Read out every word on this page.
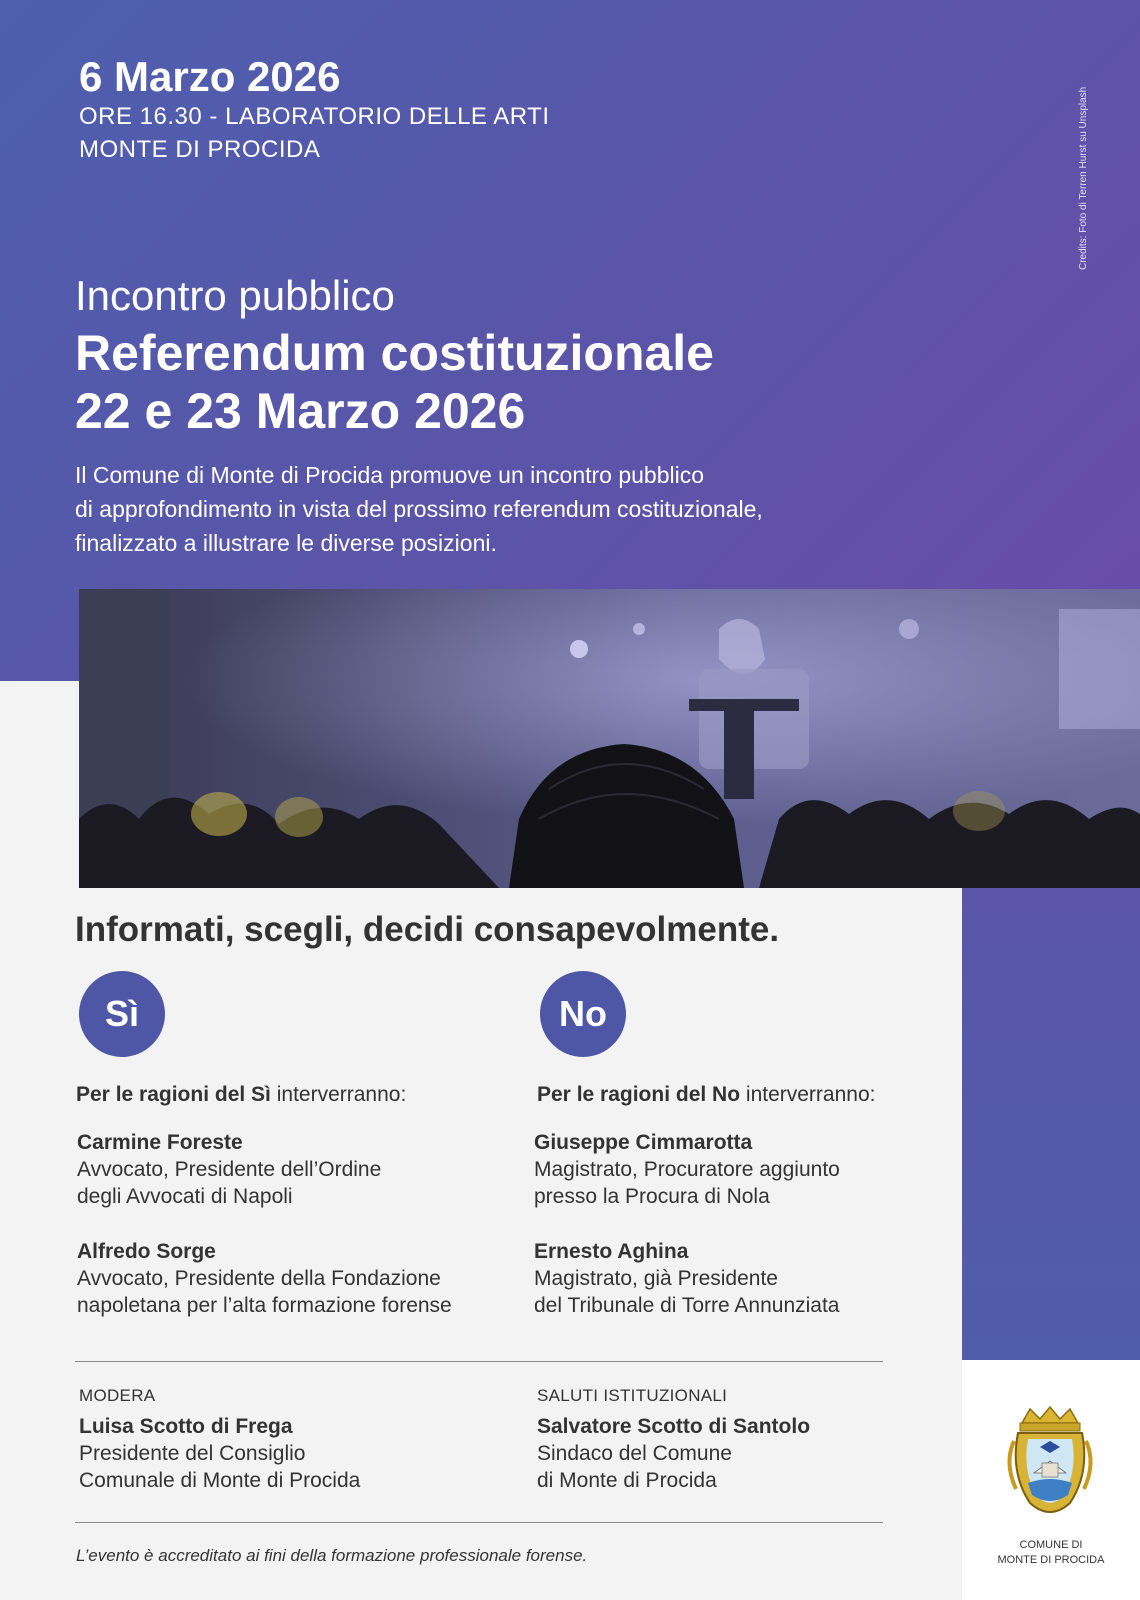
6 Marzo 2026

ORE 16.30 - LABORATORIO DELLE ARTI
MONTE DI PROCIDA	Credits: Foto di Terren Hurst su Unsplash
Incontro pubblico
Referendum costituzionale
22 e 23 Marzo 2026

Il Comune di Monte di Procida promuove un incontro pubblico
di approfondimento in vista del prossimo referendum costituzionale,
finalizzato a illustrare le diverse posizioni.

Informati, scegli, decidi consapevolmente.
Sì	No

Per le ragioni del Sì interverranno:	Per le ragioni del No interverranno:

Carmine Foreste
Avvocato, Presidente dell’Ordine
degli Avvocati di Napoli
Alfredo Sorge
Avvocato, Presidente della Fondazione
napoletana per l’alta formazione forense
Giuseppe Cimmarotta
Magistrato, Procuratore aggiunto
presso la Procura di Nola
Ernesto Aghina
Magistrato, già Presidente
del Tribunale di Torre Annunziata
MODERA
Luisa Scotto di Frega
Presidente del Consiglio
Comunale di Monte di Procida
SALUTI ISTITUZIONALI
Salvatore Scotto di Santolo
Sindaco del Comune
di Monte di Procida

L’evento è accreditato ai fini della formazione professionale forense.

COMUNE DI
MONTE DI PROCIDA
